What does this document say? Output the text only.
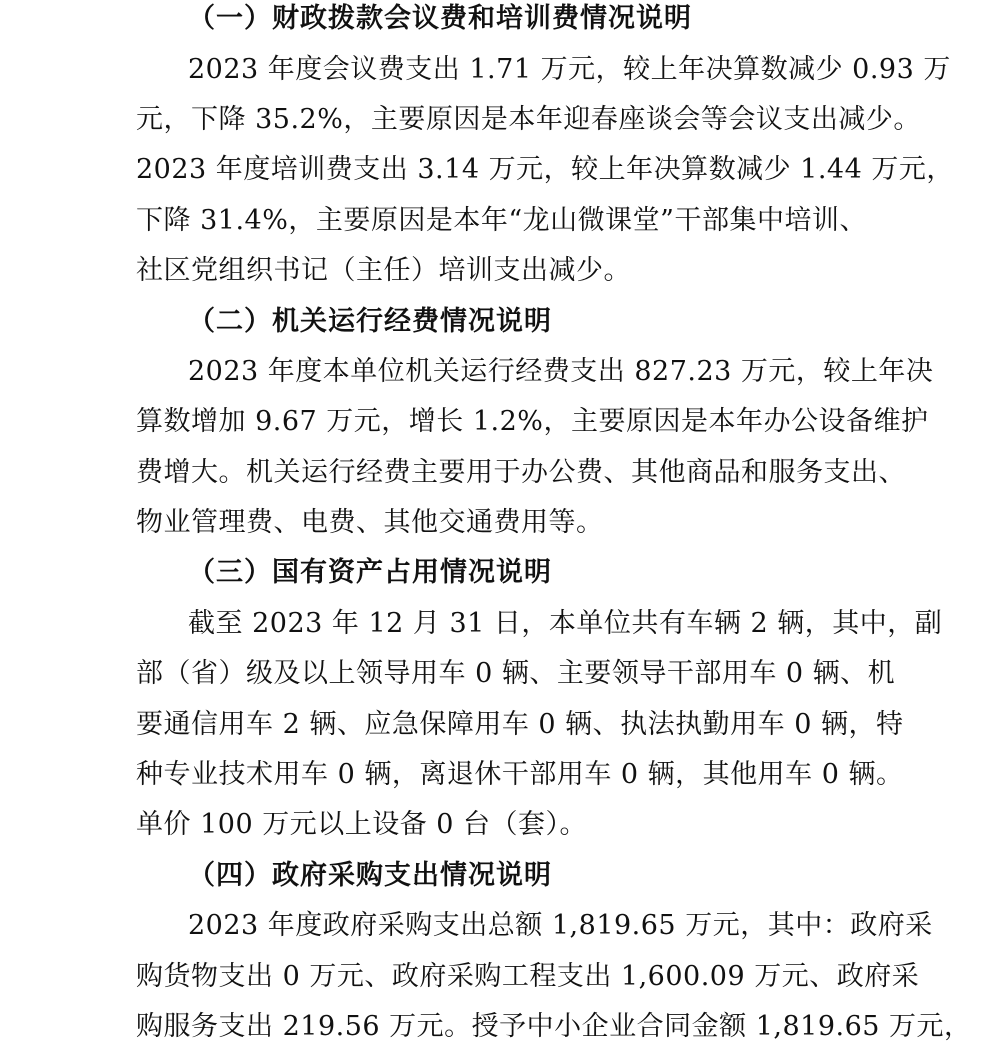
（一）财政拨款会议费和培训费情况说明
2023 年度会议费支出 1.71 万元，较上年决算数减少 0.93 万
元，下降 35.2%，主要原因是本年迎春座谈会等会议支出减少。
2023 年度培训费支出 3.14 万元，较上年决算数减少 1.44 万元，
下降 31.4%，主要原因是本年“龙山微课堂”干部集中培训、
社区党组织书记（主任）培训支出减少。
（二）机关运行经费情况说明
2023 年度本单位机关运行经费支出 827.23 万元，较上年决
算数增加 9.67 万元，增长 1.2%，主要原因是本年办公设备维护
费增大。机关运行经费主要用于办公费、其他商品和服务支出、
物业管理费、电费、其他交通费用等。
（三）国有资产占用情况说明
截至 2023 年 12 月 31 日，本单位共有车辆 2 辆，其中，副
部（省）级及以上领导用车 0 辆、主要领导干部用车 0 辆、机
要通信用车 2 辆、应急保障用车 0 辆、执法执勤用车 0 辆，特
种专业技术用车 0 辆，离退休干部用车 0 辆，其他用车 0 辆。
单价 100 万元以上设备 0 台（套）。
（四）政府采购支出情况说明
2023 年度政府采购支出总额 1,819.65 万元，其中：政府采
购货物支出 0 万元、政府采购工程支出 1,600.09 万元、政府采
购服务支出 219.56 万元。授予中小企业合同金额 1,819.65 万元，
